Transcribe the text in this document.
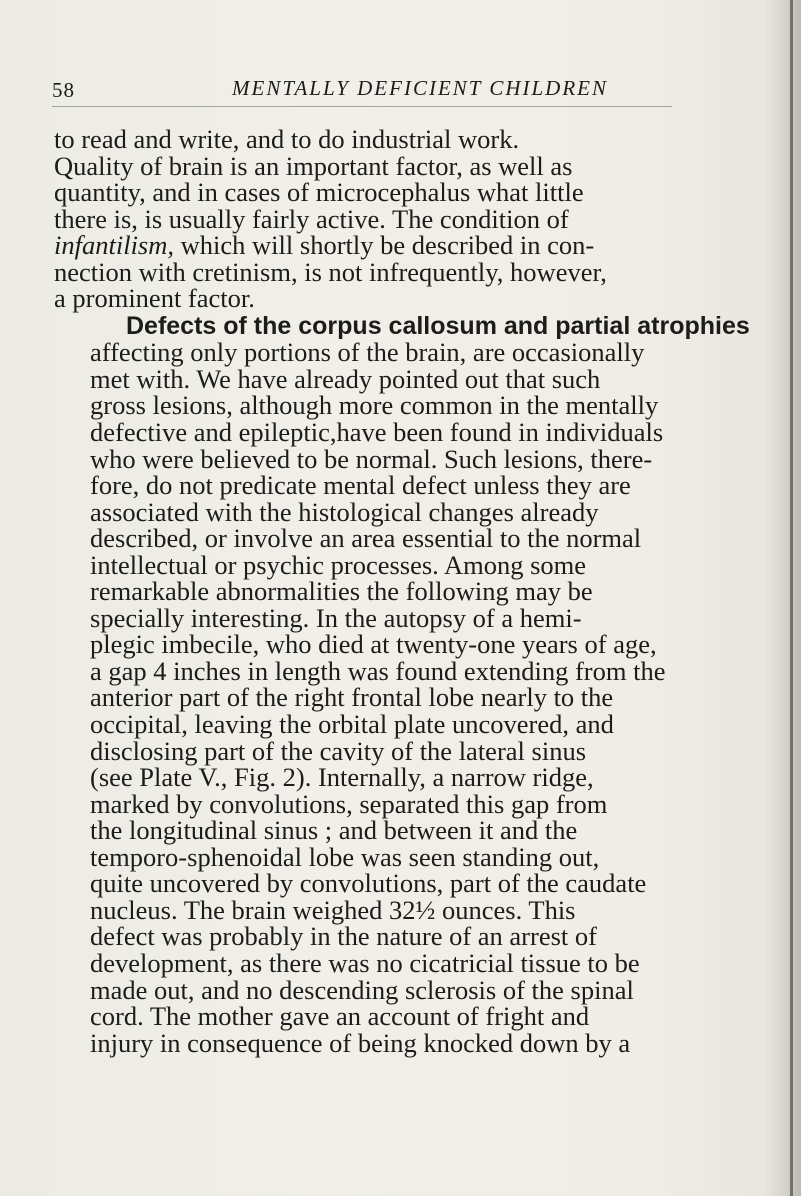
58	MENTALLY DEFICIENT CHILDREN

to read and write, and to do industrial work.
Quality of brain is an important factor, as well as
quantity, and in cases of microcephalus what little
there is, is usually fairly active. The condition of
infantilism, which will shortly be described in con-
nection with cretinism, is not infrequently, however,
a prominent factor.

Defects of the corpus callosum and partial atrophies
affecting only portions of the brain, are occasionally
met with. We have already pointed out that such
gross lesions, although more common in the mentally
defective and epileptic,have been found in individuals
who were believed to be normal. Such lesions, there-
fore, do not predicate mental defect unless they are
associated with the histological changes already
described, or involve an area essential to the normal
intellectual or psychic processes. Among some
remarkable abnormalities the following may be
specially interesting. In the autopsy of a hemi-
plegic imbecile, who died at twenty-one years of age,
a gap 4 inches in length was found extending from the
anterior part of the right frontal lobe nearly to the
occipital, leaving the orbital plate uncovered, and
disclosing part of the cavity of the lateral sinus
(see Plate V., Fig. 2). Internally, a narrow ridge,
marked by convolutions, separated this gap from
the longitudinal sinus ; and between it and the
temporo-sphenoidal lobe was seen standing out,
quite uncovered by convolutions, part of the caudate
nucleus. The brain weighed 32½ ounces. This
defect was probably in the nature of an arrest of
development, as there was no cicatricial tissue to be
made out, and no descending sclerosis of the spinal
cord. The mother gave an account of fright and
injury in consequence of being knocked down by a
